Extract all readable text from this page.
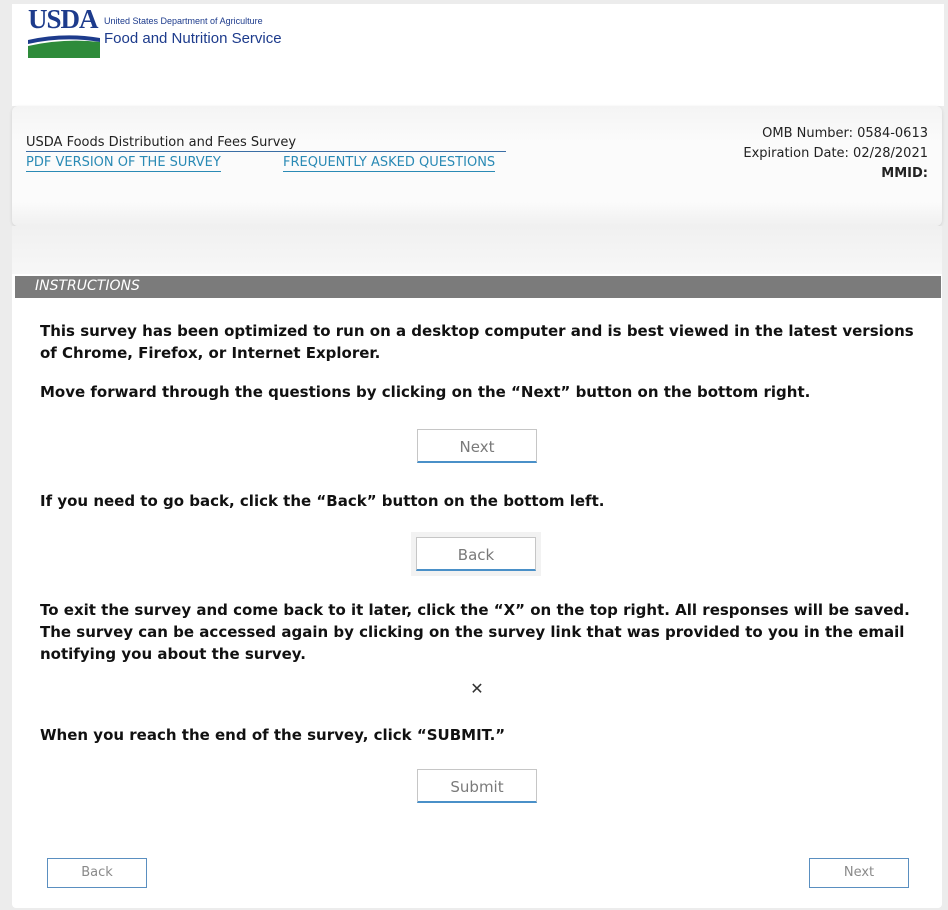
USDA United States Department of Agriculture
Food and Nutrition Service
USDA Foods Distribution and Fees Survey
PDF VERSION OF THE SURVEY	FREQUENTLY ASKED QUESTIONS
OMB Number: 0584-0613
Expiration Date: 02/28/2021
MMID:
INSTRUCTIONS
This survey has been optimized to run on a desktop computer and is best viewed in the latest versions of Chrome, Firefox, or Internet Explorer.
Move forward through the questions by clicking on the “Next” button on the bottom right.
Next
If you need to go back, click the “Back” button on the bottom left.
Back
To exit the survey and come back to it later, click the “X” on the top right. All responses will be saved. The survey can be accessed again by clicking on the survey link that was provided to you in the email notifying you about the survey.
✕
When you reach the end of the survey, click “SUBMIT.”
Submit
Back	Next
